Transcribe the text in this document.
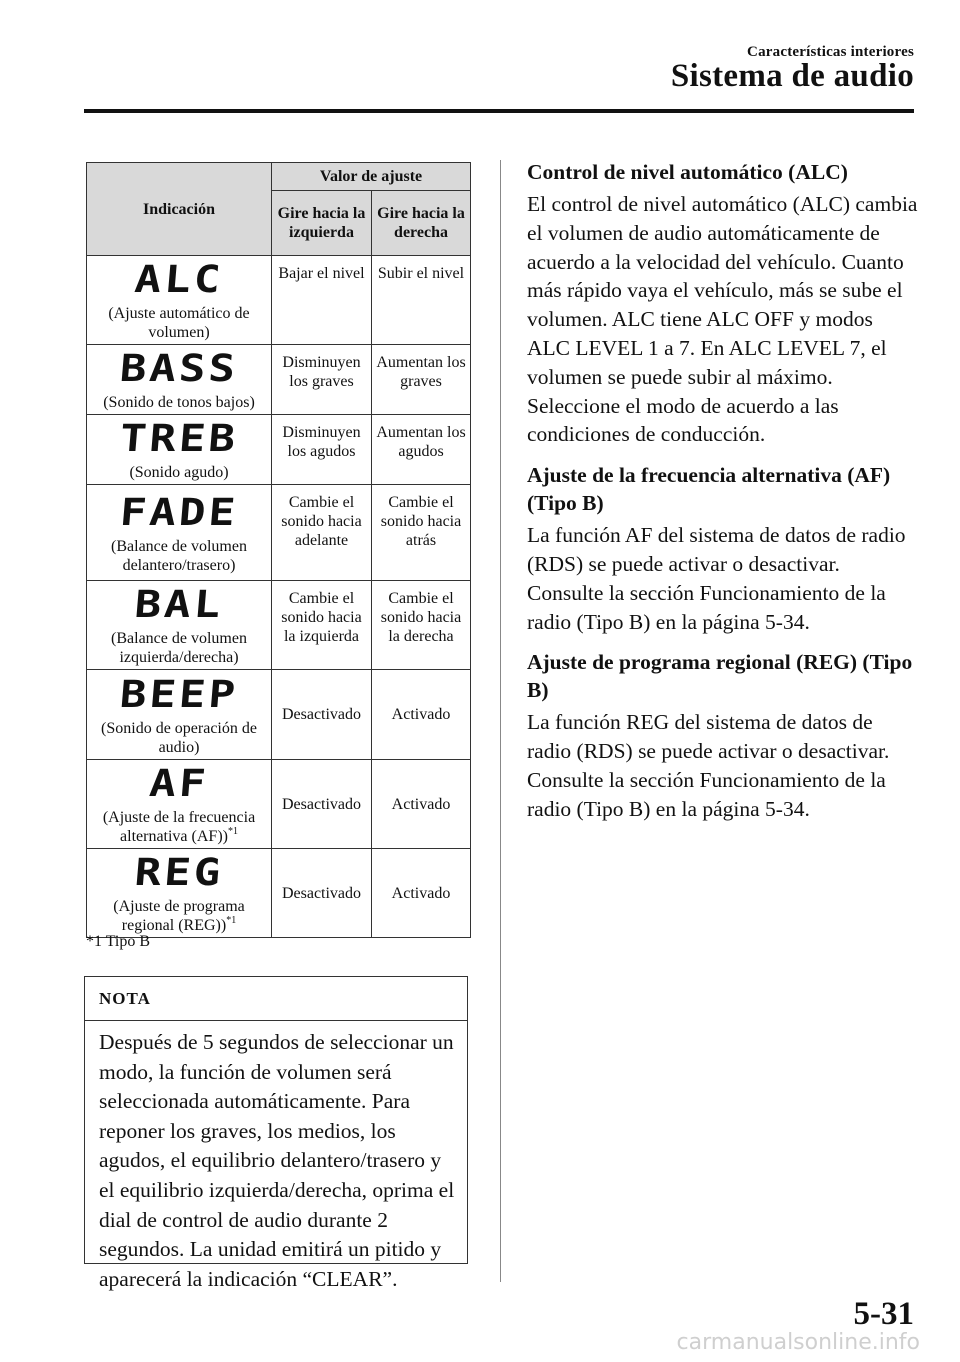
Características interiores
Sistema de audio
Indicación	Valor de ajuste	
	Gire hacia la izquierda	Gire hacia la derecha

ALC
(Ajuste automático de volumen)	Bajar el nivel	Subir el nivel

BASS
(Sonido de tonos bajos)	Disminuyen los graves	Aumentan los graves

TREB
(Sonido agudo)	Disminuyen los agudos	Aumentan los agudos

FADE
(Balance de volumen delantero/trasero)	Cambie el sonido hacia adelante	Cambie el sonido hacia atrás

BAL
(Balance de volumen izquierda/derecha)	Cambie el sonido hacia la izquierda	Cambie el sonido hacia la derecha

BEEP
(Sonido de operación de audio)	Desactivado	Activado

AF
(Ajuste de la frecuencia alternativa (AF))$^{*1}$	Desactivado	Activado

REG
(Ajuste de programa regional (REG))$^{*1}$	Desactivado	Activado
*1 Tipo B
NOTA
Después de 5 segundos de seleccionar un modo, la función de volumen será seleccionada automáticamente. Para reponer los graves, los medios, los agudos, el equilibrio delantero/trasero y el equilibrio izquierda/derecha, oprima el dial de control de audio durante 2 segundos. La unidad emitirá un pitido y aparecerá la indicación “CLEAR”.
Control de nivel automático (ALC)

El control de nivel automático (ALC) cambia el volumen de audio automáticamente de acuerdo a la velocidad del vehículo. Cuanto más rápido vaya el vehículo, más se sube el volumen. ALC tiene ALC OFF y modos ALC LEVEL 1 a 7. En ALC LEVEL 7, el volumen se puede subir al máximo. Seleccione el modo de acuerdo a las condiciones de conducción.

Ajuste de la frecuencia alternativa (AF) (Tipo B)

La función AF del sistema de datos de radio (RDS) se puede activar o desactivar. Consulte la sección Funcionamiento de la radio (Tipo B) en la página 5-34.

Ajuste de programa regional (REG) (Tipo B)

La función REG del sistema de datos de radio (RDS) se puede activar o desactivar. Consulte la sección Funcionamiento de la radio (Tipo B) en la página 5-34.

5-31
carmanualsonline.info
